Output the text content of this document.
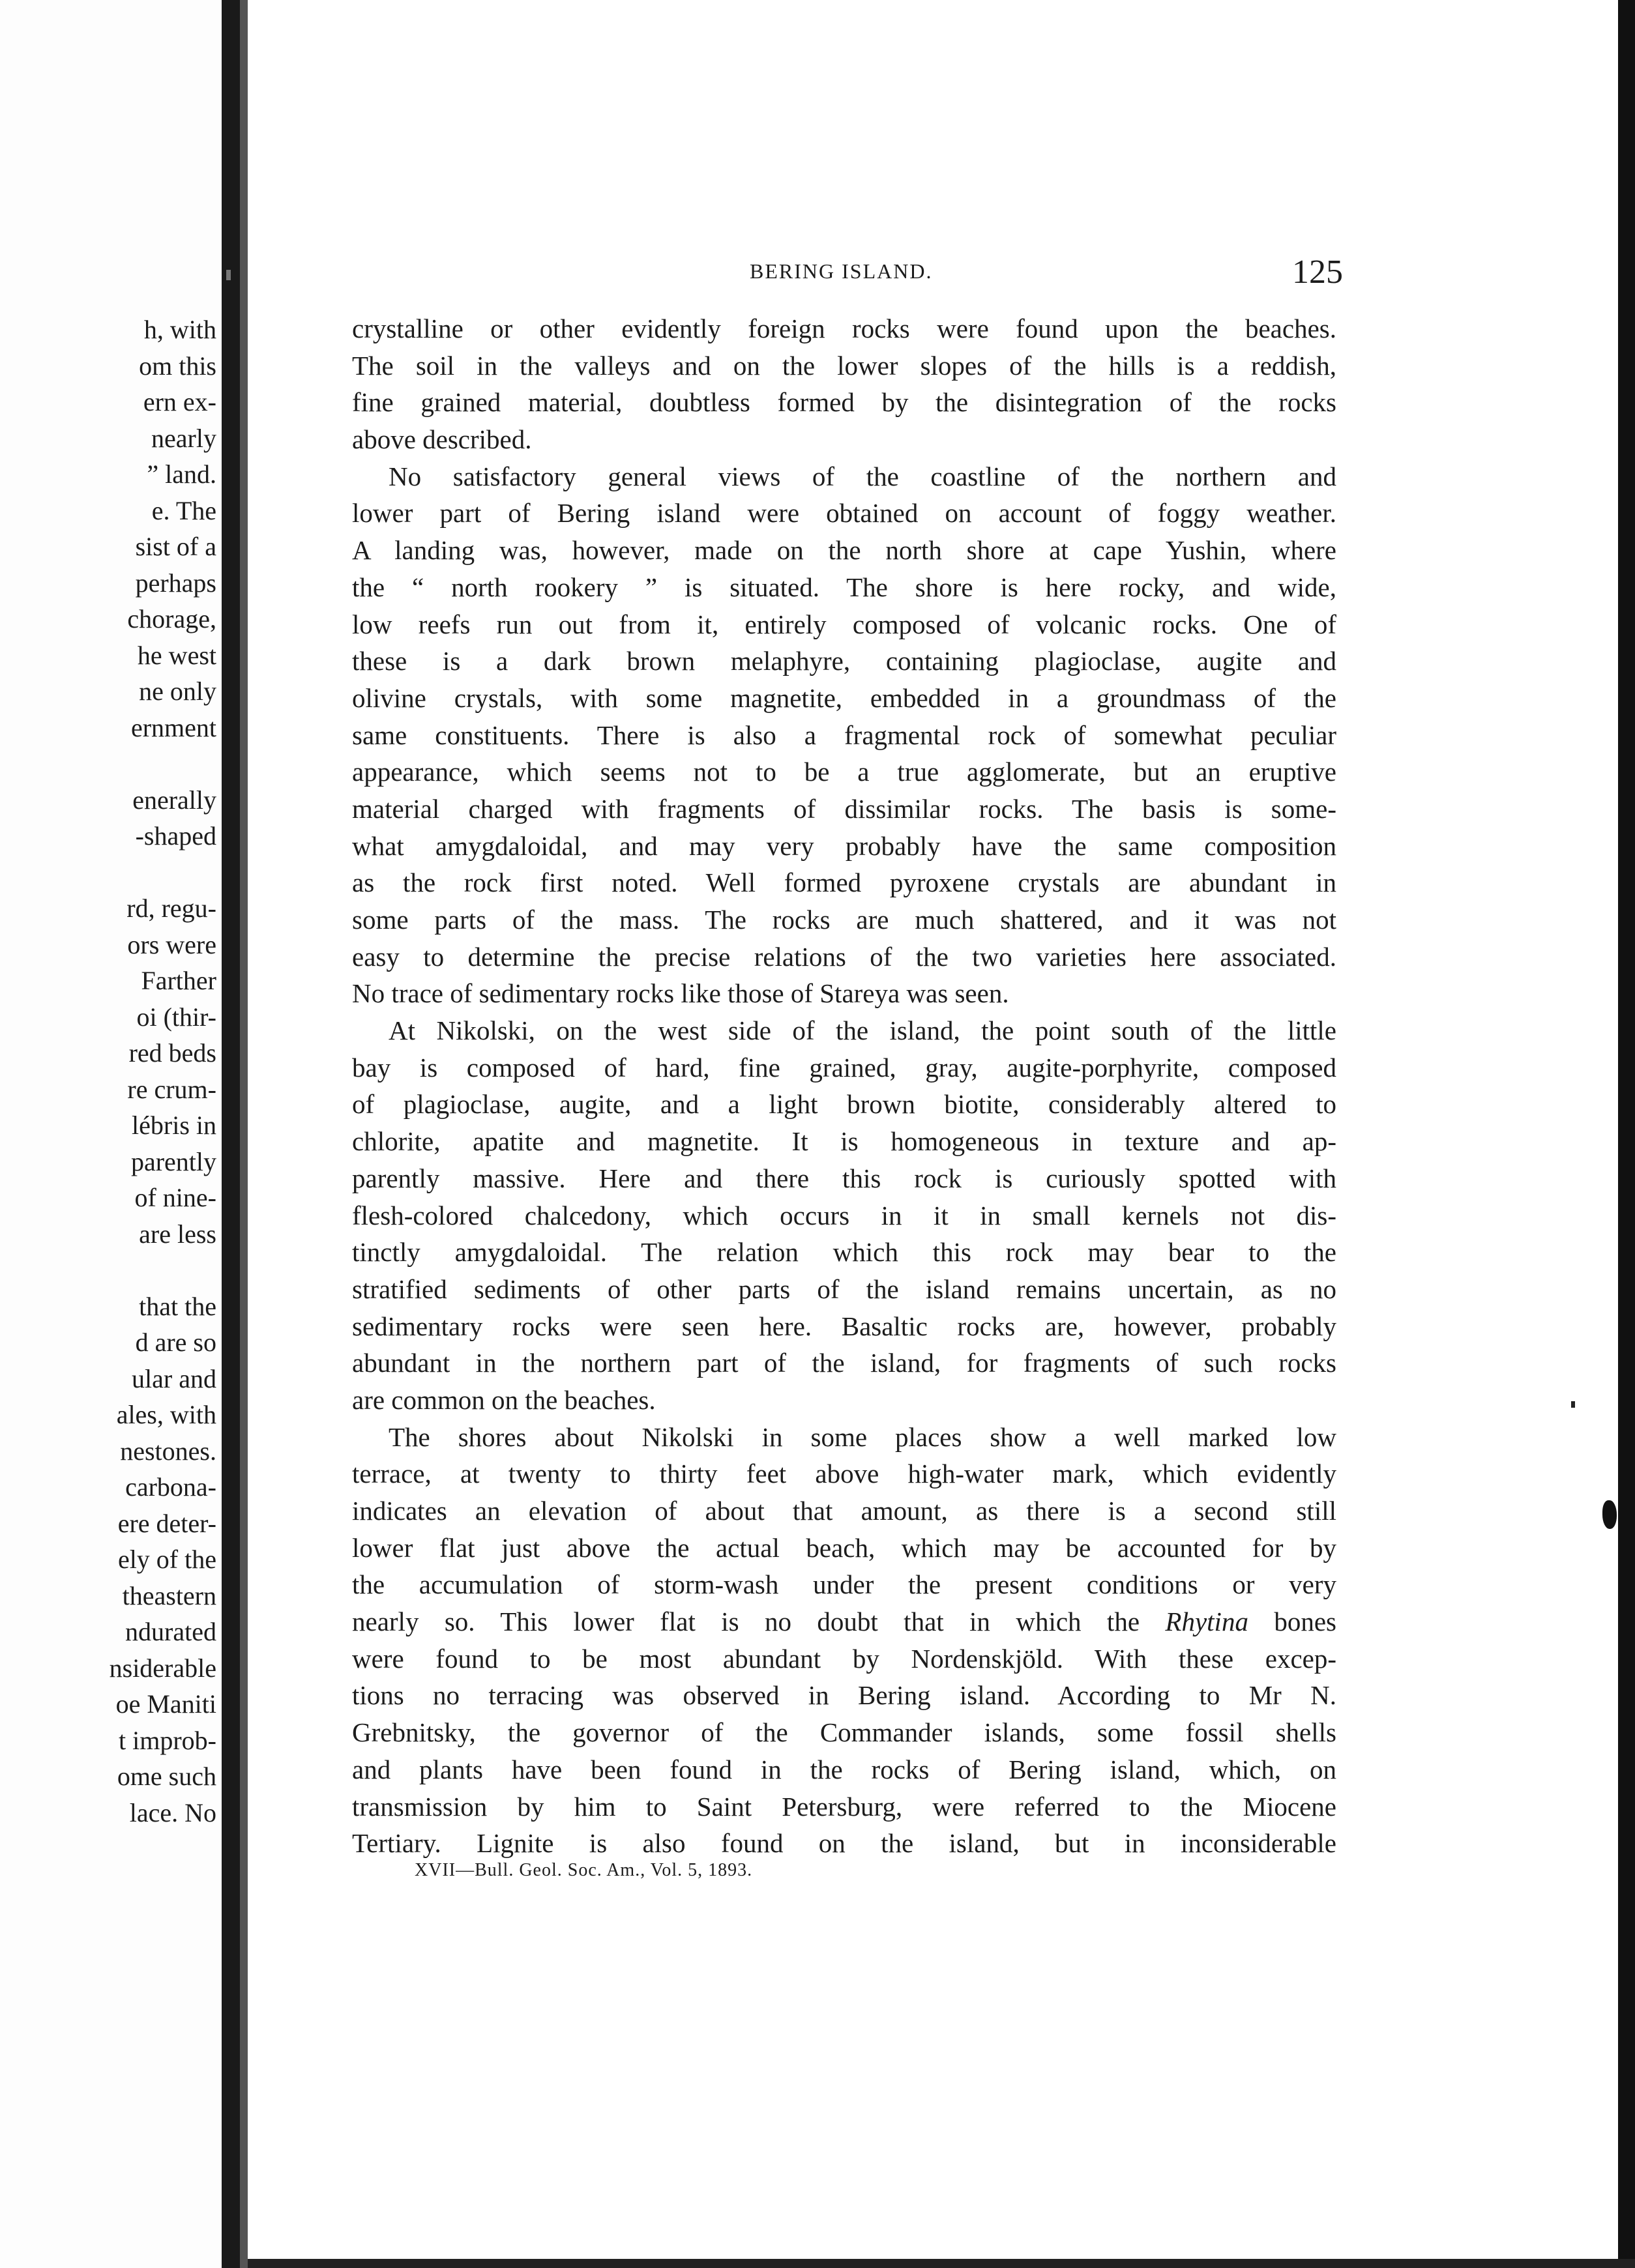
h, with
om this
ern ex-
nearly
” land.
e. The
sist of a
perhaps
chorage,
he west
ne only
ernment
enerally
-shaped
rd, regu-
ors were
Farther
oi (thir-
red beds
re crum-
lébris in
parently
of nine-
are less
that the
d are so
ular and
ales, with
nestones.
carbona-
ere deter-
ely of the
theastern
ndurated
nsiderable
oe Maniti
t improb-
ome such
lace. No
BERING ISLAND.	125
crystalline or other evidently foreign rocks were found upon the beaches.
The soil in the valleys and on the lower slopes of the hills is a reddish,
fine grained material, doubtless formed by the disintegration of the rocks
above described.
No satisfactory general views of the coastline of the northern and
lower part of Bering island were obtained on account of foggy weather.
A landing was, however, made on the north shore at cape Yushin, where
the “ north rookery ” is situated. The shore is here rocky, and wide,
low reefs run out from it, entirely composed of volcanic rocks. One of
these is a dark brown melaphyre, containing plagioclase, augite and
olivine crystals, with some magnetite, embedded in a groundmass of the
same constituents. There is also a fragmental rock of somewhat peculiar
appearance, which seems not to be a true agglomerate, but an eruptive
material charged with fragments of dissimilar rocks. The basis is some-
what amygdaloidal, and may very probably have the same composition
as the rock first noted. Well formed pyroxene crystals are abundant in
some parts of the mass. The rocks are much shattered, and it was not
easy to determine the precise relations of the two varieties here associated.
No trace of sedimentary rocks like those of Stareya was seen.
At Nikolski, on the west side of the island, the point south of the little
bay is composed of hard, fine grained, gray, augite-porphyrite, composed
of plagioclase, augite, and a light brown biotite, considerably altered to
chlorite, apatite and magnetite. It is homogeneous in texture and ap-
parently massive. Here and there this rock is curiously spotted with
flesh-colored chalcedony, which occurs in it in small kernels not dis-
tinctly amygdaloidal. The relation which this rock may bear to the
stratified sediments of other parts of the island remains uncertain, as no
sedimentary rocks were seen here. Basaltic rocks are, however, probably
abundant in the northern part of the island, for fragments of such rocks
are common on the beaches.
The shores about Nikolski in some places show a well marked low
terrace, at twenty to thirty feet above high-water mark, which evidently
indicates an elevation of about that amount, as there is a second still
lower flat just above the actual beach, which may be accounted for by
the accumulation of storm-wash under the present conditions or very
nearly so. This lower flat is no doubt that in which the Rhytina bones
were found to be most abundant by Nordenskjöld. With these excep-
tions no terracing was observed in Bering island. According to Mr N.
Grebnitsky, the governor of the Commander islands, some fossil shells
and plants have been found in the rocks of Bering island, which, on
transmission by him to Saint Petersburg, were referred to the Miocene
Tertiary. Lignite is also found on the island, but in inconsiderable
XVII—Bull. Geol. Soc. Am., Vol. 5, 1893.
